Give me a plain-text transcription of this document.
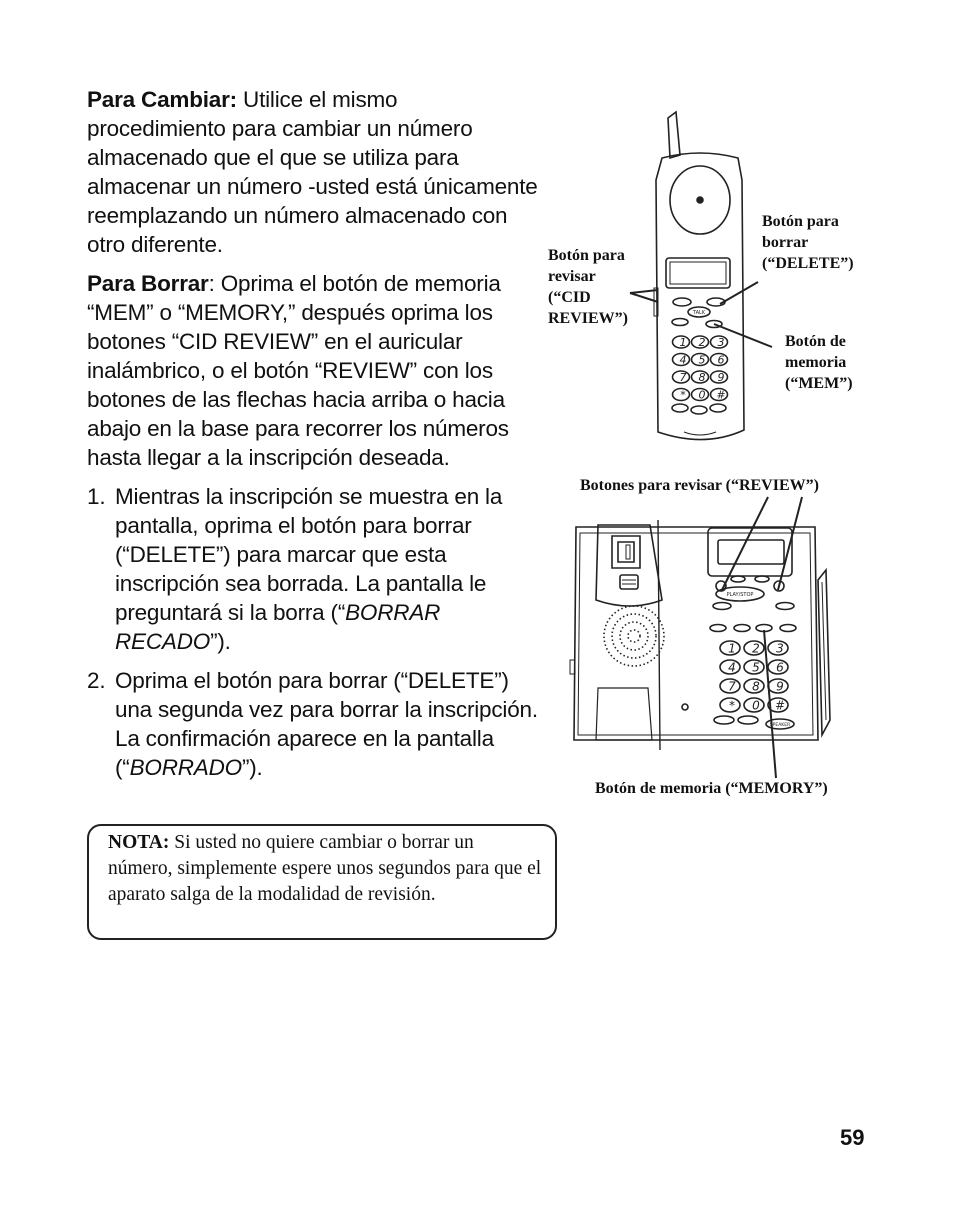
Para Cambiar: Utilice el mismo procedimiento para cambiar un número almacenado que el que se utiliza para almacenar un número -usted está únicamente reemplazando un número almacenado con otro diferente.

Para Borrar: Oprima el botón de memoria “MEM” o “MEMORY,” después oprima los botones “CID REVIEW” en el auricular inalámbrico, o el botón “REVIEW” con los botones de las flechas hacia arriba o hacia abajo en la base para recorrer los números hasta llegar a la inscripción deseada.

1. Mientras la inscripción se muestra en la pantalla, oprima el botón para borrar (“DELETE”) para marcar que esta inscripción sea borrada. La pantalla le preguntará si la borra (“BORRAR RECADO”).
2. Oprima el botón para borrar (“DELETE”) una segunda vez para borrar la inscripción. La confirmación aparece en la pantalla (“BORRADO”).
NOTA: Si usted no quiere cambiar o borrar un número, simplemente espere unos segundos para que el aparato salga de la modalidad de revisión.
TALK
1 2 3
4 5 6
7 8 9
* 0 #
PLAY/STOP
SPEAKER
1 2 3
4 5 6
7 8 9
* 0 #
Botón para
revisar
(“CID
REVIEW”)
Botón para
borrar
(“DELETE”)
Botón de
memoria
(“MEM”)
Botones para revisar (“REVIEW”)
Botón de memoria (“MEMORY”)
59
